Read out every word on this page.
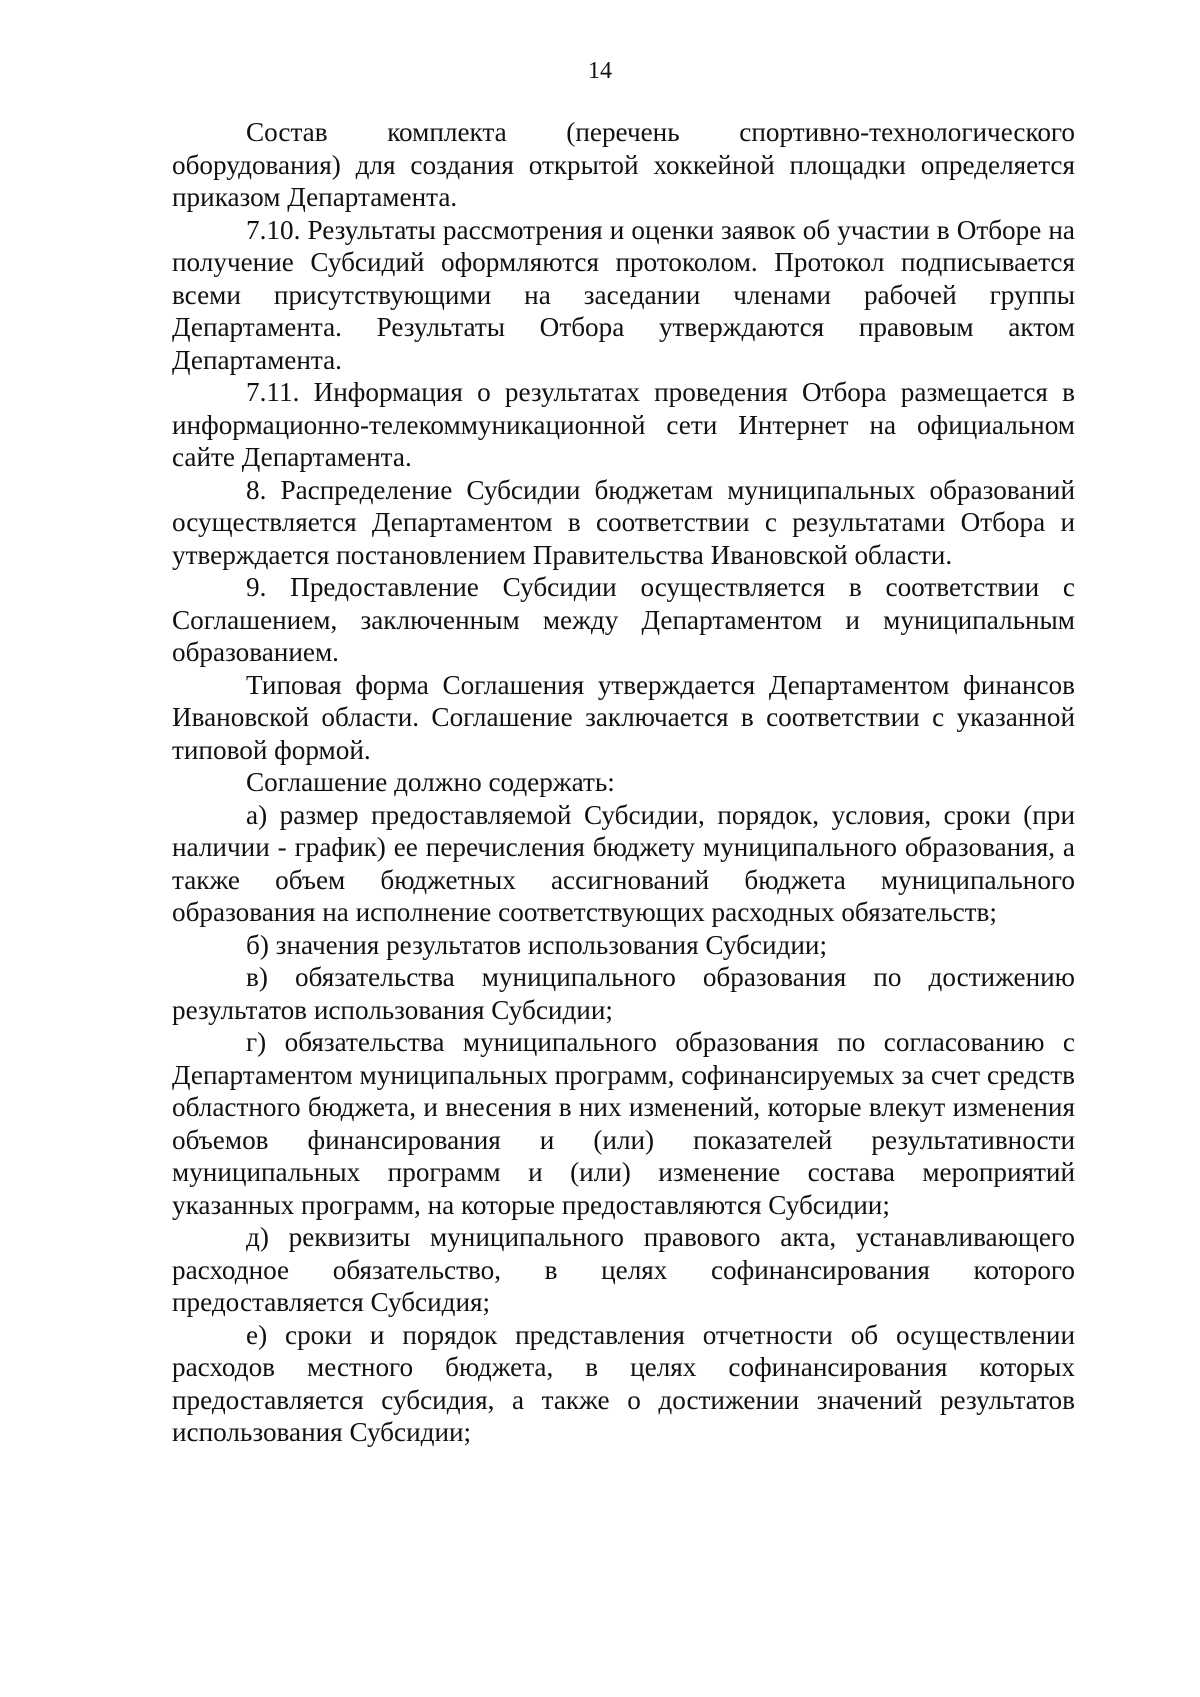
14

Состав комплекта (перечень спортивно-технологического оборудования) для создания открытой хоккейной площадки определяется приказом Департамента.

7.10. Результаты рассмотрения и оценки заявок об участии в Отборе на получение Субсидий оформляются протоколом. Протокол подписывается всеми присутствующими на заседании членами рабочей группы Департамента. Результаты Отбора утверждаются правовым актом Департамента.

7.11. Информация о результатах проведения Отбора размещается в информационно-телекоммуникационной сети Интернет на официальном сайте Департамента.

8. Распределение Субсидии бюджетам муниципальных образований осуществляется Департаментом в соответствии с результатами Отбора и утверждается постановлением Правительства Ивановской области.

9. Предоставление Субсидии осуществляется в соответствии с Соглашением, заключенным между Департаментом и муниципальным образованием.

Типовая форма Соглашения утверждается Департаментом финансов Ивановской области. Соглашение заключается в соответствии с указанной типовой формой.

Соглашение должно содержать:

а) размер предоставляемой Субсидии, порядок, условия, сроки (при наличии - график) ее перечисления бюджету муниципального образования, а также объем бюджетных ассигнований бюджета муниципального образования на исполнение соответствующих расходных обязательств;

б) значения результатов использования Субсидии;

в) обязательства муниципального образования по достижению результатов использования Субсидии;

г) обязательства муниципального образования по согласованию с Департаментом муниципальных программ, софинансируемых за счет средств областного бюджета, и внесения в них изменений, которые влекут изменения объемов финансирования и (или) показателей результативности муниципальных программ и (или) изменение состава мероприятий указанных программ, на которые предоставляются Субсидии;

д) реквизиты муниципального правового акта, устанавливающего расходное обязательство, в целях софинансирования которого предоставляется Субсидия;

е) сроки и порядок представления отчетности об осуществлении расходов местного бюджета, в целях софинансирования которых предоставляется субсидия, а также о достижении значений результатов использования Субсидии;
